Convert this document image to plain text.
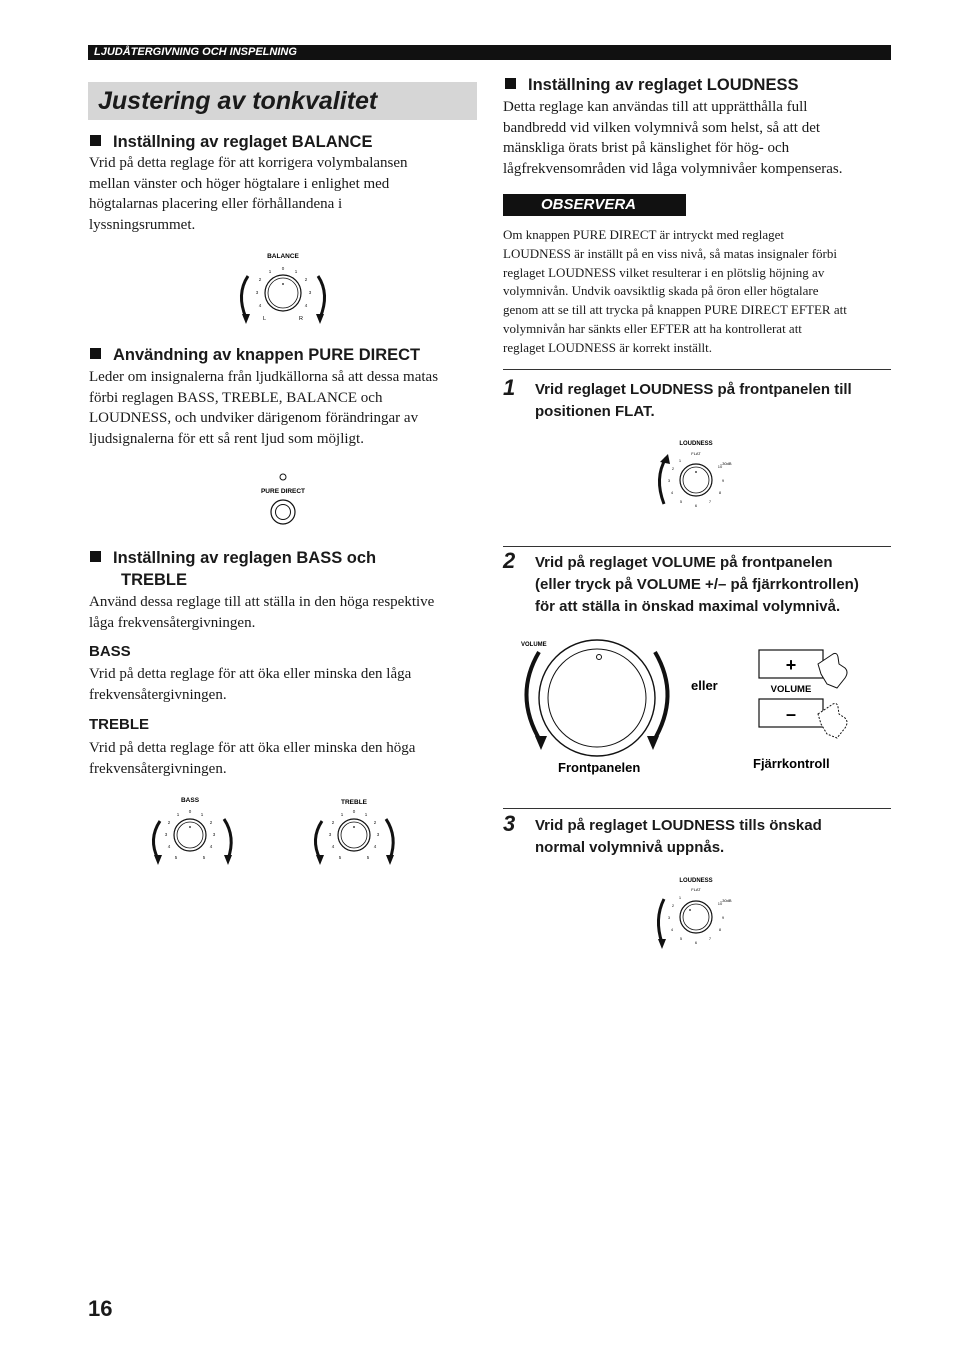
LJUDÅTERGIVNING OCH INSPELNING
Justering av tonkvalitet
Inställning av reglaget BALANCE
Vrid på detta reglage för att korrigera volymbalansen
mellan vänster och höger högtalare i enlighet med
högtalarnas placering eller förhållandena i
lyssningsrummet.
BALANCE
0
1	1
2	2
3	3
4	4
L	R
Användning av knappen PURE DIRECT
Leder om insignalerna från ljudkällorna så att dessa matas
förbi reglagen BASS, TREBLE, BALANCE och
LOUDNESS, och undviker därigenom förändringar av
ljudsignalerna för ett så rent ljud som möjligt.
PURE DIRECT
Inställning av reglagen BASS och
TREBLE
Använd dessa reglage till att ställa in den höga respektive
låga frekvensåtergivningen.
BASS
Vrid på detta reglage för att öka eller minska den låga
frekvensåtergivningen.
TREBLE
Vrid på detta reglage för att öka eller minska den höga
frekvensåtergivningen.
BASS
0
1	1
2	2
3	3
4	4
5	5
TREBLE
0
1	1
2	2
3	3
4	4
5	5
Inställning av reglaget LOUDNESS
Detta reglage kan användas till att upprätthålla full
bandbredd vid vilken volymnivå som helst, så att det
mänskliga örats brist på känslighet för hög- och
lågfrekvensområden vid låga volymnivåer kompenseras.
OBSERVERA
Om knappen PURE DIRECT är intryckt med reglaget
LOUDNESS är inställt på en viss nivå, så matas insignaler förbi
reglaget LOUDNESS vilket resulterar i en plötslig höjning av
volymnivån. Undvik oavsiktlig skada på öron eller högtalare
genom att se till att trycka på knappen PURE DIRECT EFTER att
volymnivån har sänkts eller EFTER att ha kontrollerat att
reglaget LOUDNESS är korrekt inställt.
1 Vrid reglaget LOUDNESS på frontpanelen till
positionen FLAT.
LOUDNESS
FLAT
–30dB
1
2
3
4
5
6
7
8
9
10
2 Vrid på reglaget VOLUME på frontpanelen
(eller tryck på VOLUME +/– på fjärrkontrollen)
för att ställa in önskad maximal volymnivå.
VOLUME
eller
Frontpanelen	Fjärrkontroll
+
VOLUME
–
3 Vrid på reglaget LOUDNESS tills önskad
normal volymnivå uppnås.
LOUDNESS
FLAT
–30dB
1
2
3
4
5
6
7
8
9
10
16
